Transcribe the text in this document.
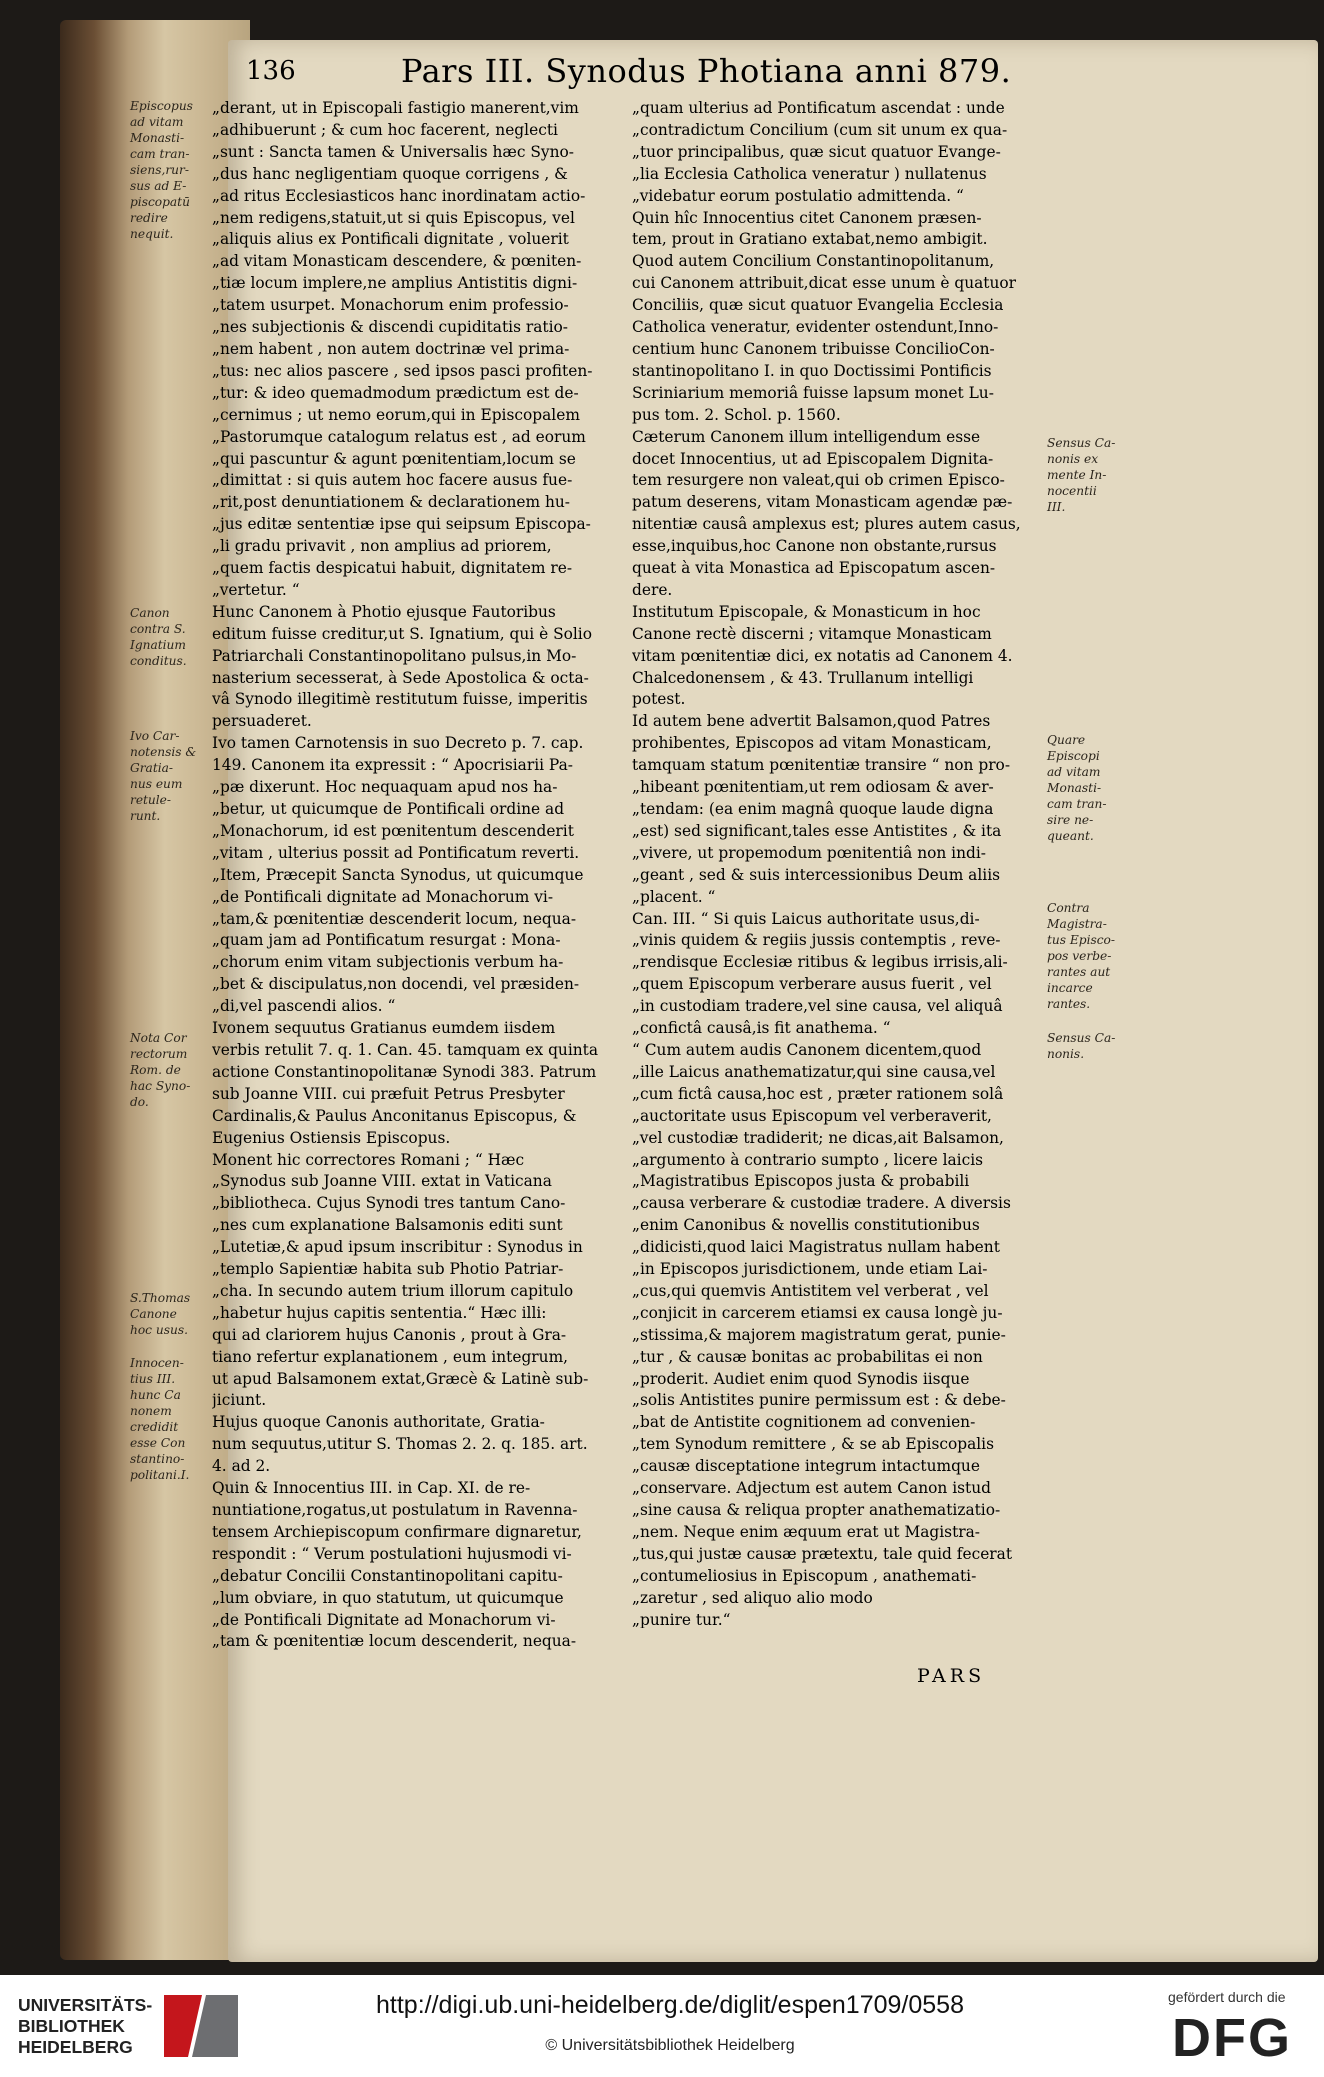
136	Pars III. Synodus Photiana anni 879.
„derant, ut in Episcopali fastigio manerent,vim
„adhibuerunt ; & cum hoc facerent, neglecti
„sunt : Sancta tamen & Universalis hæc Syno-
„dus hanc negligentiam quoque corrigens , &
„ad ritus Ecclesiasticos hanc inordinatam actio-
„nem redigens,statuit,ut si quis Episcopus, vel
„aliquis alius ex Pontificali dignitate , voluerit
„ad vitam Monasticam descendere, & pœniten-
„tiæ locum implere,ne amplius Antistitis digni-
„tatem usurpet. Monachorum enim professio-
„nes subjectionis & discendi cupiditatis ratio-
„nem habent , non autem doctrinæ vel prima-
„tus: nec alios pascere , sed ipsos pasci profiten-
„tur: & ideo quemadmodum prædictum est de-
„cernimus ; ut nemo eorum,qui in Episcopalem
„Pastorumque catalogum relatus est , ad eorum
„qui pascuntur & agunt pœnitentiam,locum se
„dimittat : si quis autem hoc facere ausus fue-
„rit,post denuntiationem & declarationem hu-
„jus editæ sententiæ ipse qui seipsum Episcopa-
„li gradu privavit , non amplius ad priorem,
„quem factis despicatui habuit, dignitatem re-
„vertetur. “
Hunc Canonem à Photio ejusque Fautoribus
editum fuisse creditur,ut S. Ignatium, qui è Solio
Patriarchali Constantinopolitano pulsus,in Mo-
nasterium secesserat, à Sede Apostolica & octa-
vâ Synodo illegitimè restitutum fuisse, imperitis
persuaderet.
Ivo tamen Carnotensis in suo Decreto p. 7. cap.
149. Canonem ita expressit : “ Apocrisiarii Pa-
„pæ dixerunt. Hoc nequaquam apud nos ha-
„betur, ut quicumque de Pontificali ordine ad
„Monachorum, id est pœnitentum descenderit
„vitam , ulterius possit ad Pontificatum reverti.
„Item, Præcepit Sancta Synodus, ut quicumque
„de Pontificali dignitate ad Monachorum vi-
„tam,& pœnitentiæ descenderit locum, nequa-
„quam jam ad Pontificatum resurgat : Mona-
„chorum enim vitam subjectionis verbum ha-
„bet & discipulatus,non docendi, vel præsiden-
„di,vel pascendi alios. “
Ivonem sequutus Gratianus eumdem iisdem
verbis retulit 7. q. 1. Can. 45. tamquam ex quinta
actione Constantinopolitanæ Synodi 383. Patrum
sub Joanne VIII. cui præfuit Petrus Presbyter
Cardinalis,& Paulus Anconitanus Episcopus, &
Eugenius Ostiensis Episcopus.
Monent hic correctores Romani ; “ Hæc
„Synodus sub Joanne VIII. extat in Vaticana
„bibliotheca. Cujus Synodi tres tantum Cano-
„nes cum explanatione Balsamonis editi sunt
„Lutetiæ,& apud ipsum inscribitur : Synodus in
„templo Sapientiæ habita sub Photio Patriar-
„cha. In secundo autem trium illorum capitulo
„habetur hujus capitis sententia.“ Hæc illi:
qui ad clariorem hujus Canonis , prout à Gra-
tiano refertur explanationem , eum integrum,
ut apud Balsamonem extat,Græcè & Latinè sub-
jiciunt.
Hujus quoque Canonis authoritate, Gratia-
num sequutus,utitur S. Thomas 2. 2. q. 185. art.
4. ad 2.
Quin & Innocentius III. in Cap. XI. de re-
nuntiatione,rogatus,ut postulatum in Ravenna-
tensem Archiepiscopum confirmare dignaretur,
respondit : “ Verum postulationi hujusmodi vi-
„debatur Concilii Constantinopolitani capitu-
„lum obviare, in quo statutum, ut quicumque
„de Pontificali Dignitate ad Monachorum vi-
„tam & pœnitentiæ locum descenderit, nequa-
„quam ulterius ad Pontificatum ascendat : unde
„contradictum Concilium (cum sit unum ex qua-
„tuor principalibus, quæ sicut quatuor Evange-
„lia Ecclesia Catholica veneratur ) nullatenus
„videbatur eorum postulatio admittenda. “
Quin hîc Innocentius citet Canonem præsen-
tem, prout in Gratiano extabat,nemo ambigit.
Quod autem Concilium Constantinopolitanum,
cui Canonem attribuit,dicat esse unum è quatuor
Conciliis, quæ sicut quatuor Evangelia Ecclesia
Catholica veneratur, evidenter ostendunt,Inno-
centium hunc Canonem tribuisse ConcilioCon-
stantinopolitano I. in quo Doctissimi Pontificis
Scriniarium memoriâ fuisse lapsum monet Lu-
pus tom. 2. Schol. p. 1560.
Cæterum Canonem illum intelligendum esse
docet Innocentius, ut ad Episcopalem Dignita-
tem resurgere non valeat,qui ob crimen Episco-
patum deserens, vitam Monasticam agendæ pæ-
nitentiæ causâ amplexus est; plures autem casus,
esse,inquibus,hoc Canone non obstante,rursus
queat à vita Monastica ad Episcopatum ascen-
dere.
Institutum Episcopale, & Monasticum in hoc
Canone rectè discerni ; vitamque Monasticam
vitam pœnitentiæ dici, ex notatis ad Canonem 4.
Chalcedonensem , & 43. Trullanum intelligi
potest.
Id autem bene advertit Balsamon,quod Patres
prohibentes, Episcopos ad vitam Monasticam,
tamquam statum pœnitentiæ transire “ non pro-
„hibeant pœnitentiam,ut rem odiosam & aver-
„tendam: (ea enim magnâ quoque laude digna
„est) sed significant,tales esse Antistites , & ita
„vivere, ut propemodum pœnitentiâ non indi-
„geant , sed & suis intercessionibus Deum aliis
„placent. “
Can. III. “ Si quis Laicus authoritate usus,di-
„vinis quidem & regiis jussis contemptis , reve-
„rendisque Ecclesiæ ritibus & legibus irrisis,ali-
„quem Episcopum verberare ausus fuerit , vel
„in custodiam tradere,vel sine causa, vel aliquâ
„confictâ causâ,is fit anathema. “
“ Cum autem audis Canonem dicentem,quod
„ille Laicus anathematizatur,qui sine causa,vel
„cum fictâ causa,hoc est , præter rationem solâ
„auctoritate usus Episcopum vel verberaverit,
„vel custodiæ tradiderit; ne dicas,ait Balsamon,
„argumento à contrario sumpto , licere laicis
„Magistratibus Episcopos justa & probabili
„causa verberare & custodiæ tradere. A diversis
„enim Canonibus & novellis constitutionibus
„didicisti,quod laici Magistratus nullam habent
„in Episcopos jurisdictionem, unde etiam Lai-
„cus,qui quemvis Antistitem vel verberat , vel
„conjicit in carcerem etiamsi ex causa longè ju-
„stissima,& majorem magistratum gerat, punie-
„tur , & causæ bonitas ac probabilitas ei non
„proderit. Audiet enim quod Synodis iisque
„solis Antistites punire permissum est : & debe-
„bat de Antistite cognitionem ad convenien-
„tem Synodum remittere , & se ab Episcopalis
„causæ disceptatione integrum intactumque
„conservare. Adjectum est autem Canon istud
„sine causa & reliqua propter anathematizatio-
„nem. Neque enim æquum erat ut Magistra-
„tus,qui justæ causæ prætextu, tale quid fecerat
„contumeliosius in Episcopum , anathemati-
„zaretur , sed aliquo alio modo
„punire tur.“
Episcopus
ad vitam
Monasti-
cam tran-
siens,rur-
sus ad E-
piscopatū
redire
nequit.
Canon
contra S.
Ignatium
conditus.
Ivo Car-
notensis &
Gratia-
nus eum
retule-
runt.
Nota Cor
rectorum
Rom. de
hac Syno-
do.
S.Thomas
Canone
hoc usus.
Innocen-
tius III.
hunc Ca
nonem
credidit
esse Con
stantino-
politani.I.
Sensus Ca-
nonis ex
mente In-
nocentii
III.
Quare
Episcopi
ad vitam
Monasti-
cam tran-
sire ne-
queant.
Contra
Magistra-
tus Episco-
pos verbe-
rantes aut
incarce
rantes.
Sensus Ca-
nonis.
PARS
UNIVERSITÄTS-
BIBLIOTHEK
HEIDELBERG
http://digi.ub.uni-heidelberg.de/diglit/espen1709/0558
© Universitätsbibliothek Heidelberg
gefördert durch die
DFG
